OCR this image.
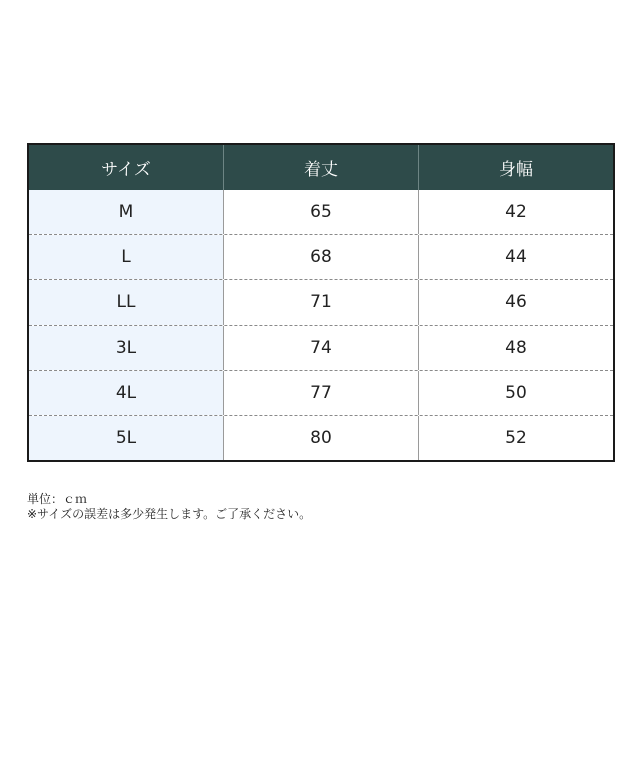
サイズ	着丈	身幅
M	65	42
L	68	44
LL	71	46
3L	74	48
4L	77	50
5L	80	52
単位：ｃｍ
※サイズの誤差は多少発生します。ご了承ください。
